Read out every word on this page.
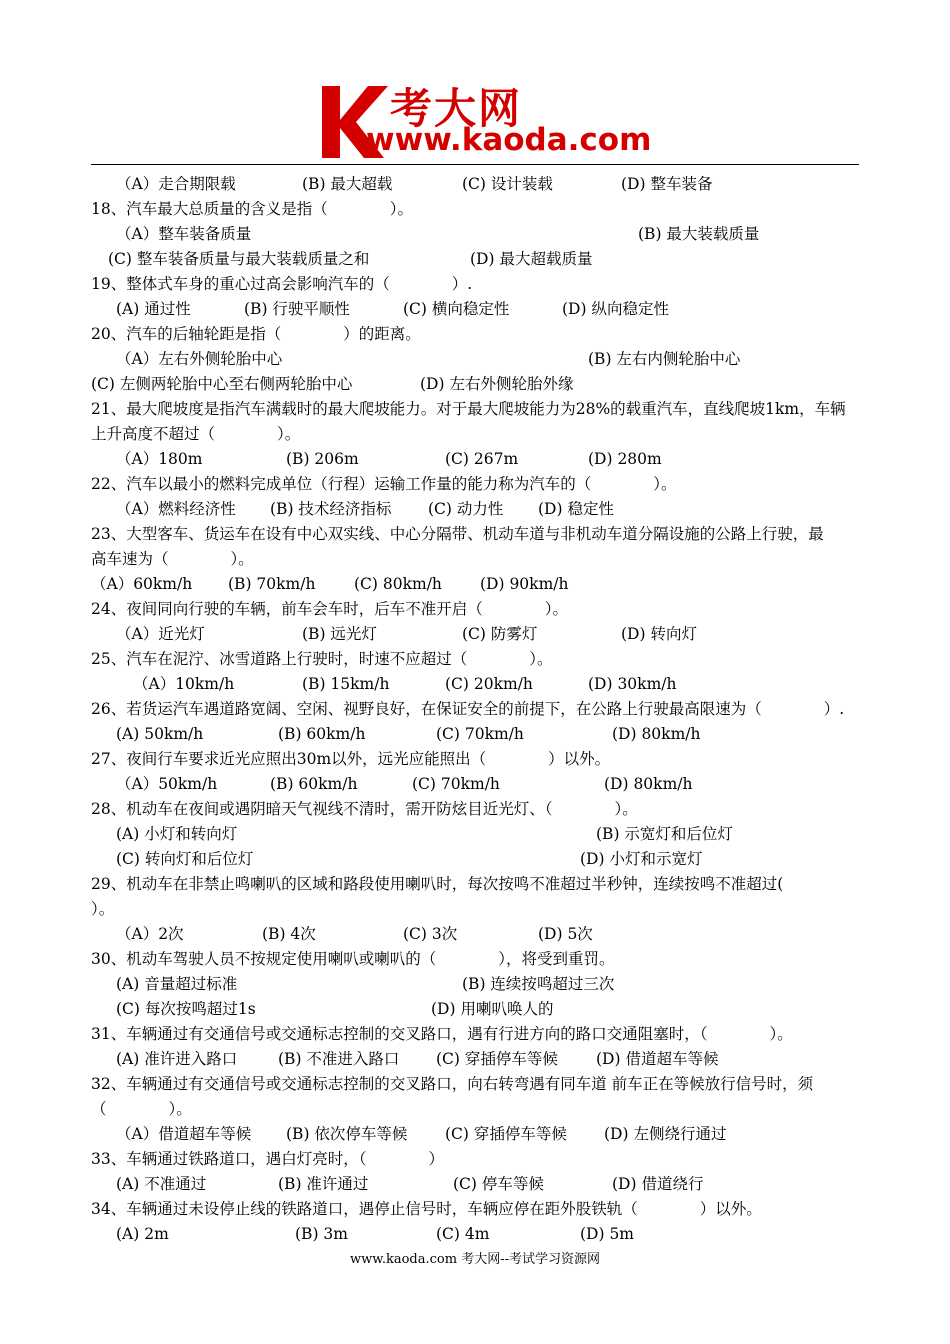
考大网
www.kaoda.com
（A）走合期限载	(B) 最大超载	(C) 设计装载	(D) 整车装备
18、汽车最大总质量的含义是指（　　　　）。
（A）整车装备质量	(B) 最大装载质量
(C) 整车装备质量与最大装载质量之和	(D) 最大超载质量
19、整体式车身的重心过高会影响汽车的（　　　　）.
(A) 通过性	(B) 行驶平顺性	(C) 横向稳定性	(D) 纵向稳定性
20、汽车的后轴轮距是指（　　　　）的距离。
（A）左右外侧轮胎中心	(B) 左右内侧轮胎中心
(C) 左侧两轮胎中心至右侧两轮胎中心	(D) 左右外侧轮胎外缘
21、最大爬坡度是指汽车满载时的最大爬坡能力。对于最大爬坡能力为28%的载重汽车，直线爬坡1km，车辆
上升高度不超过（　　　　）。
（A）180m	(B) 206m	(C) 267m	(D) 280m
22、汽车以最小的燃料完成单位（行程）运输工作量的能力称为汽车的（　　　　）。
（A）燃料经济性 (B) 技术经济指标 (C) 动力性 (D) 稳定性
23、大型客车、货运车在设有中心双实线、中心分隔带、机动车道与非机动车道分隔设施的公路上行驶，最
高车速为（　　　　）。
（A）60km/h (B) 70km/h (C) 80km/h (D) 90km/h
24、夜间同向行驶的车辆，前车会车时，后车不准开启（　　　　）。
（A）近光灯	(B) 远光灯	(C) 防雾灯	(D) 转向灯
25、汽车在泥泞、冰雪道路上行驶时，时速不应超过（　　　　）。
（A）10km/h	(B) 15km/h	(C) 20km/h	(D) 30km/h
26、若货运汽车遇道路宽阔、空闲、视野良好，在保证安全的前提下，在公路上行驶最高限速为（　　　　）.
(A) 50km/h	(B) 60km/h	(C) 70km/h	(D) 80km/h
27、夜间行车要求近光应照出30m以外，远光应能照出（　　　　）以外。
（A）50km/h	(B) 60km/h	(C) 70km/h	(D) 80km/h
28、机动车在夜间或遇阴暗天气视线不清时，需开防炫目近光灯、（　　　　）。
(A) 小灯和转向灯	(B) 示宽灯和后位灯
(C) 转向灯和后位灯	(D) 小灯和示宽灯
29、机动车在非禁止鸣喇叭的区域和路段使用喇叭时，每次按鸣不准超过半秒钟，连续按鸣不准超过(
）。
（A）2次	(B) 4次	(C) 3次	(D) 5次
30、机动车驾驶人员不按规定使用喇叭或喇叭的（　　　　），将受到重罚。
(A) 音量超过标准	(B) 连续按鸣超过三次
(C) 每次按鸣超过1s	(D) 用喇叭唤人的
31、车辆通过有交通信号或交通标志控制的交叉路口，遇有行进方向的路口交通阻塞时，（　　　　）。
(A) 准许进入路口	(B) 不准进入路口 (C) 穿插停车等候 (D) 借道超车等候
32、车辆通过有交通信号或交通标志控制的交叉路口，向右转弯遇有同车道 前车正在等候放行信号时，须
（　　　　）。
（A）借道超车等候 (B) 依次停车等候 (C) 穿插停车等候 (D) 左侧绕行通过
33、车辆通过铁路道口，遇白灯亮时，（　　　　）
(A) 不准通过	(B) 准许通过	(C) 停车等候	(D) 借道绕行
34、车辆通过未设停止线的铁路道口，遇停止信号时，车辆应停在距外股铁轨（　　　　）以外。
(A) 2m	(B) 3m	(C) 4m	(D) 5m
www.kaoda.com 考大网--考试学习资源网
